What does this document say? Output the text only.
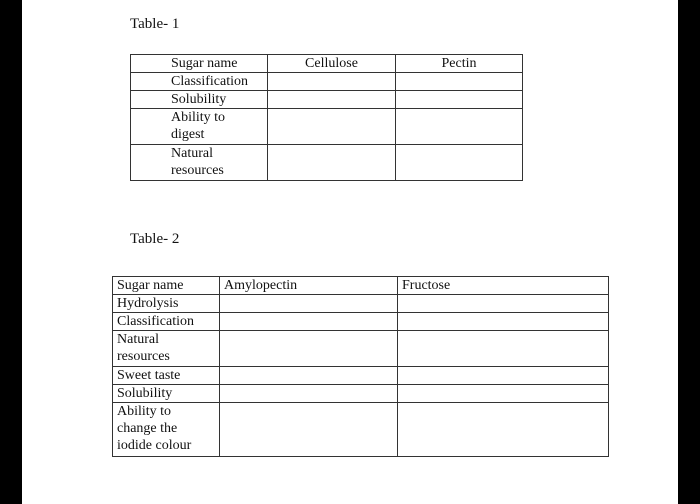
Table- 1
Sugar name	Cellulose	Pectin
Classification		
Solubility		
Ability to digest		
Natural resources		
Table- 2
Sugar name	Amylopectin	Fructose
Hydrolysis		
Classification		
Natural resources		
Sweet taste		
Solubility		
Ability to change the iodide colour		
